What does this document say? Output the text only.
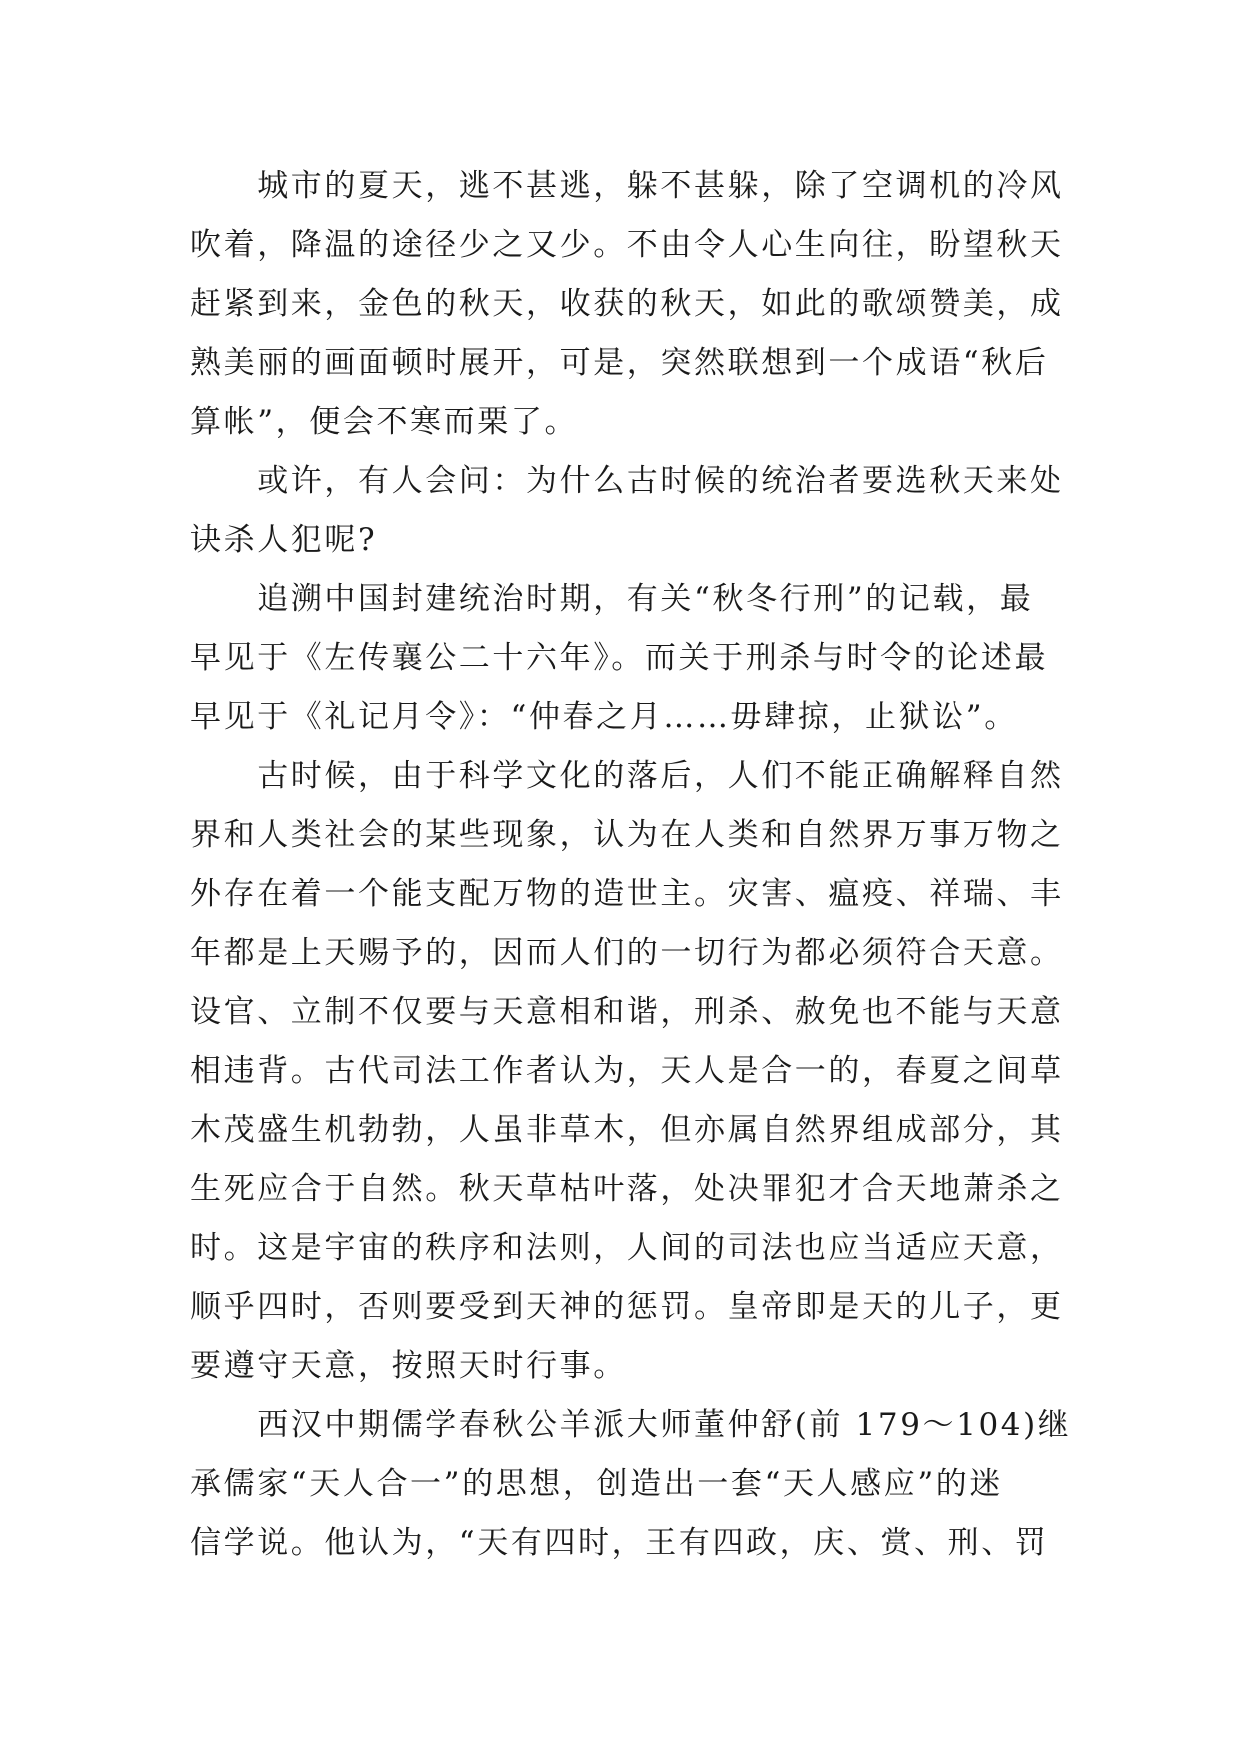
　　城市的夏天，逃不甚逃，躲不甚躲，除了空调机的冷风
吹着，降温的途径少之又少。不由令人心生向往，盼望秋天
赶紧到来，金色的秋天，收获的秋天，如此的歌颂赞美，成
熟美丽的画面顿时展开，可是，突然联想到一个成语“秋后
算帐”，便会不寒而栗了。
　　或许，有人会问：为什么古时候的统治者要选秋天来处
诀杀人犯呢?
　　追溯中国封建统治时期，有关“秋冬行刑”的记载，最
早见于《左传襄公二十六年》。而关于刑杀与时令的论述最
早见于《礼记月令》：“仲春之月……毋肆掠，止狱讼”。
　　古时候，由于科学文化的落后，人们不能正确解释自然
界和人类社会的某些现象，认为在人类和自然界万事万物之
外存在着一个能支配万物的造世主。灾害、瘟疫、祥瑞、丰
年都是上天赐予的，因而人们的一切行为都必须符合天意。
设官、立制不仅要与天意相和谐，刑杀、赦免也不能与天意
相违背。古代司法工作者认为，天人是合一的，春夏之间草
木茂盛生机勃勃，人虽非草木，但亦属自然界组成部分，其
生死应合于自然。秋天草枯叶落，处决罪犯才合天地萧杀之
时。这是宇宙的秩序和法则，人间的司法也应当适应天意，
顺乎四时，否则要受到天神的惩罚。皇帝即是天的儿子，更
要遵守天意，按照天时行事。
　　西汉中期儒学春秋公羊派大师董仲舒(前 179～104)继
承儒家“天人合一”的思想，创造出一套“天人感应”的迷
信学说。他认为，“天有四时，王有四政，庆、赏、刑、罚
